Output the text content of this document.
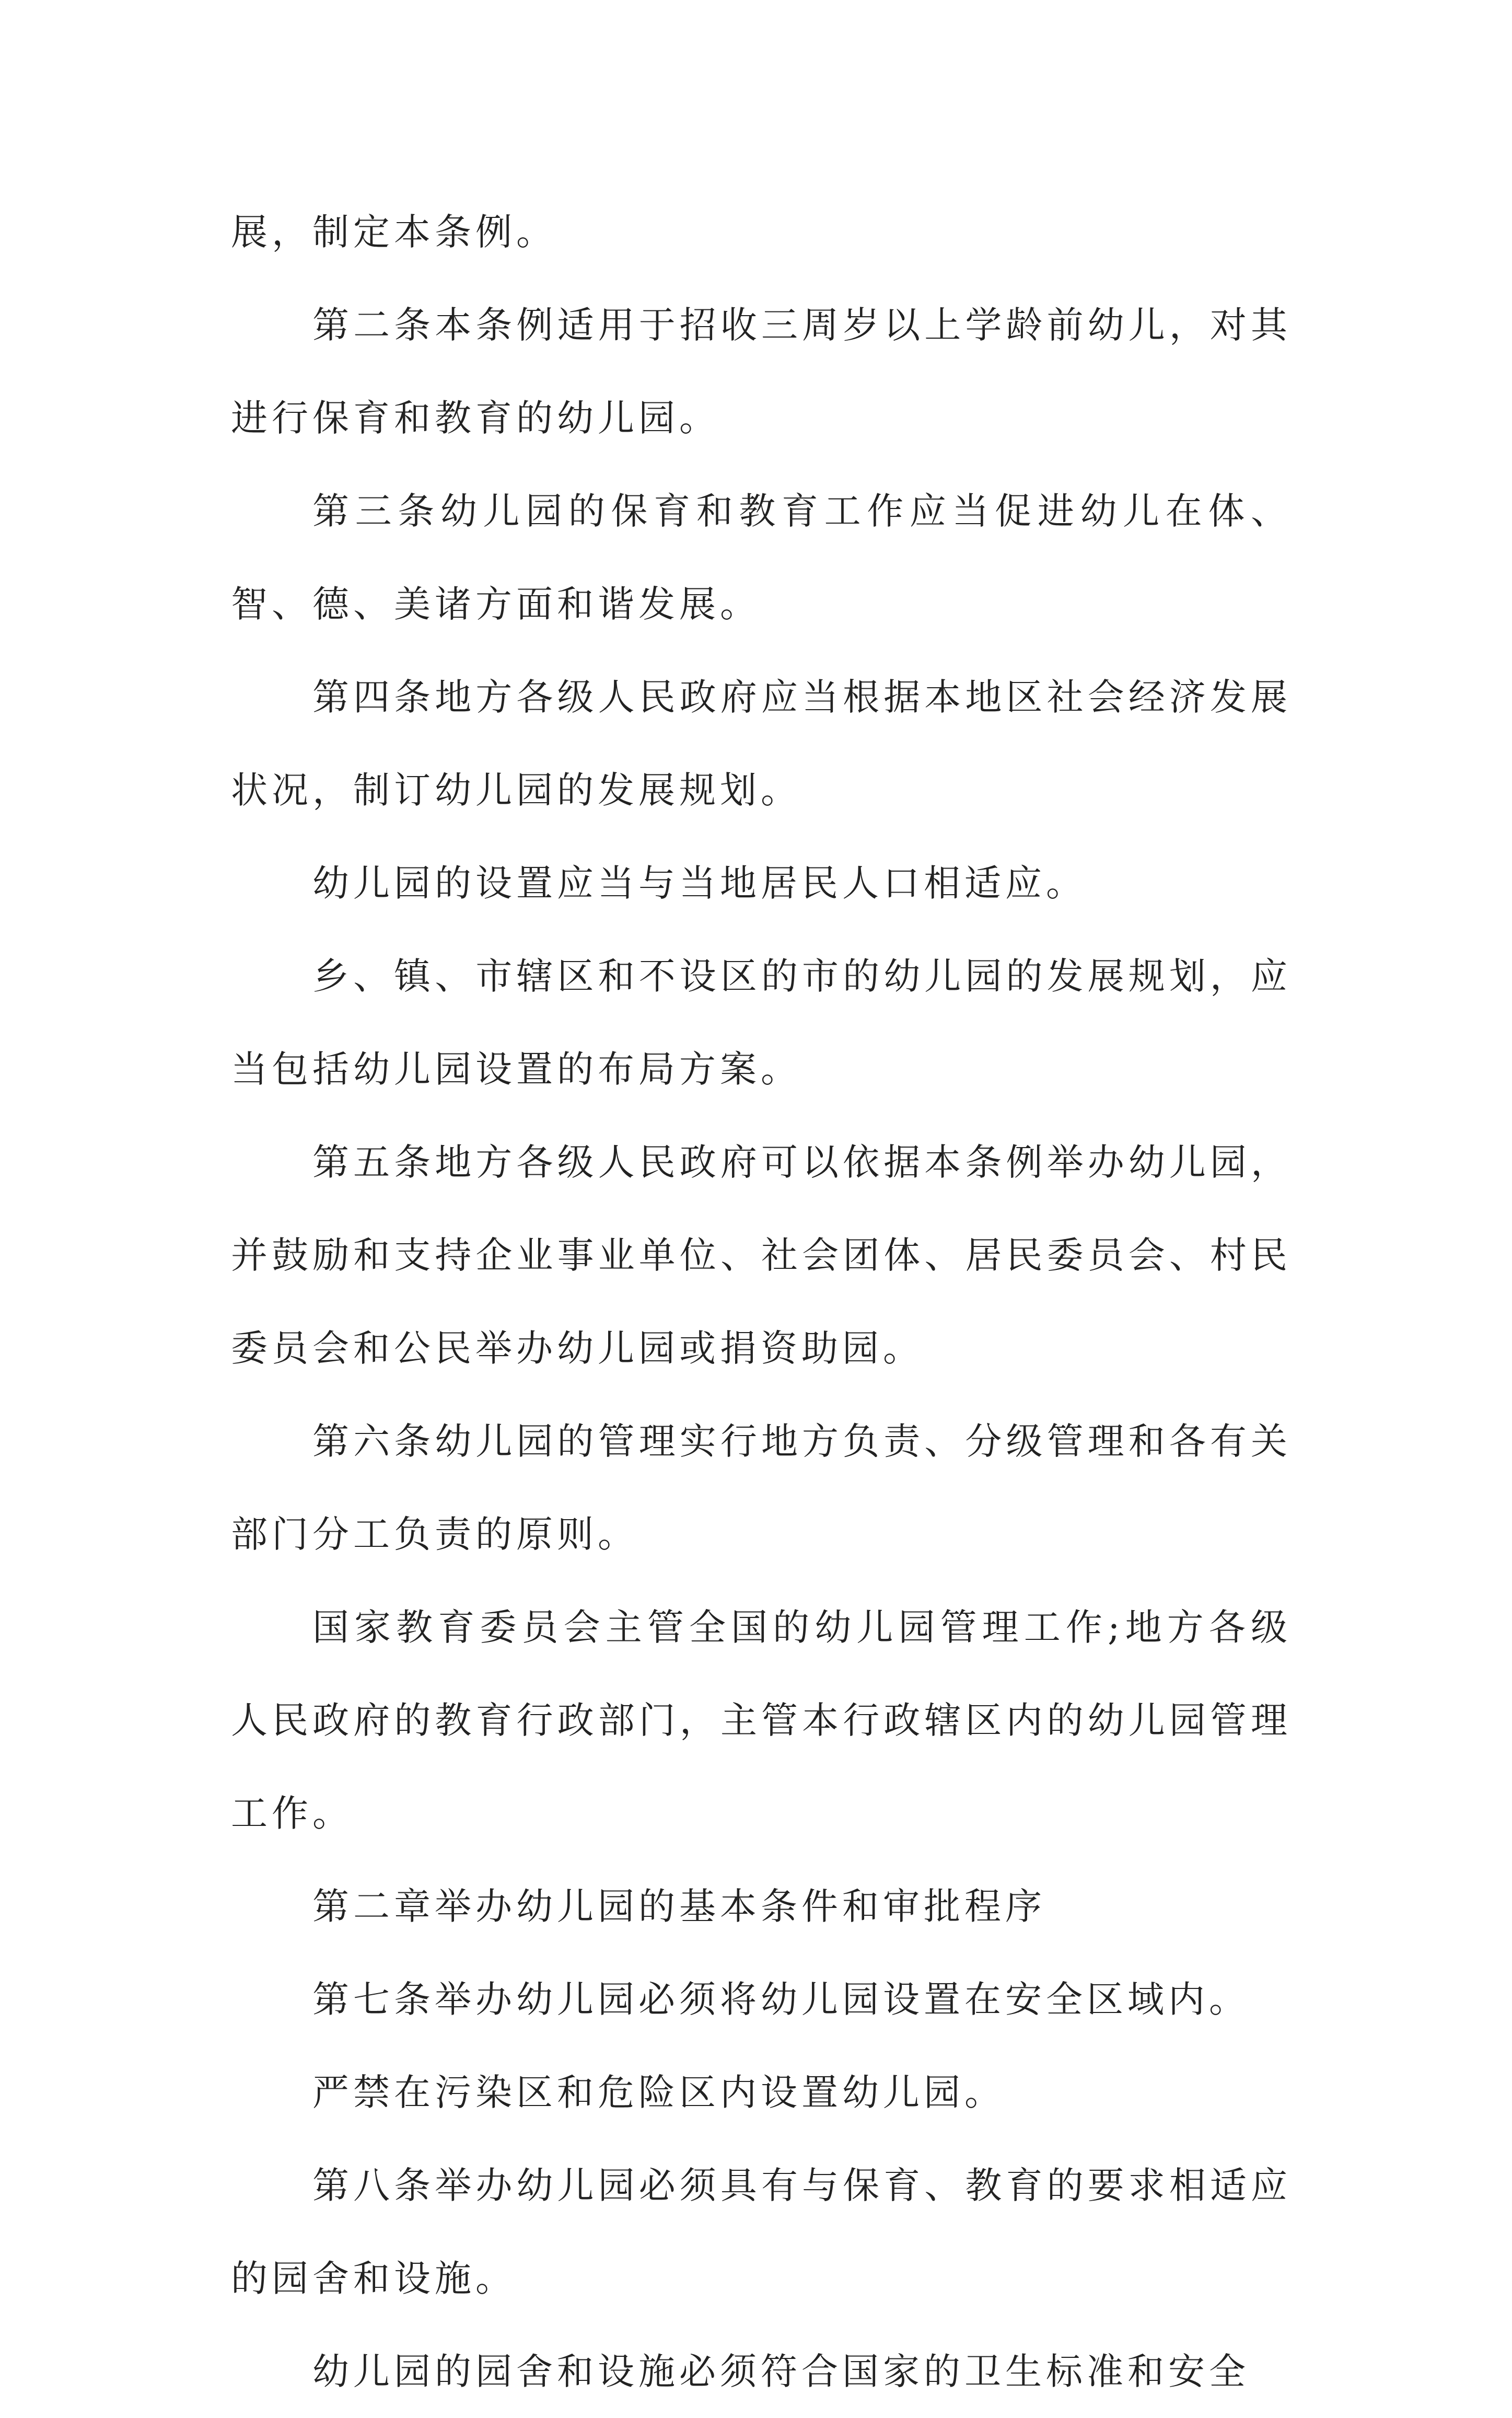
展，制定本条例。

第二条本条例适用于招收三周岁以上学龄前幼儿，对其进行保育和教育的幼儿园。

第三条幼儿园的保育和教育工作应当促进幼儿在体、智、德、美诸方面和谐发展。

第四条地方各级人民政府应当根据本地区社会经济发展状况，制订幼儿园的发展规划。

幼儿园的设置应当与当地居民人口相适应。

乡、镇、市辖区和不设区的市的幼儿园的发展规划，应当包括幼儿园设置的布局方案。

第五条地方各级人民政府可以依据本条例举办幼儿园，并鼓励和支持企业事业单位、社会团体、居民委员会、村民委员会和公民举办幼儿园或捐资助园。

第六条幼儿园的管理实行地方负责、分级管理和各有关部门分工负责的原则。

国家教育委员会主管全国的幼儿园管理工作;地方各级人民政府的教育行政部门，主管本行政辖区内的幼儿园管理工作。

第二章举办幼儿园的基本条件和审批程序

第七条举办幼儿园必须将幼儿园设置在安全区域内。

严禁在污染区和危险区内设置幼儿园。

第八条举办幼儿园必须具有与保育、教育的要求相适应的园舍和设施。

幼儿园的园舍和设施必须符合国家的卫生标准和安全
